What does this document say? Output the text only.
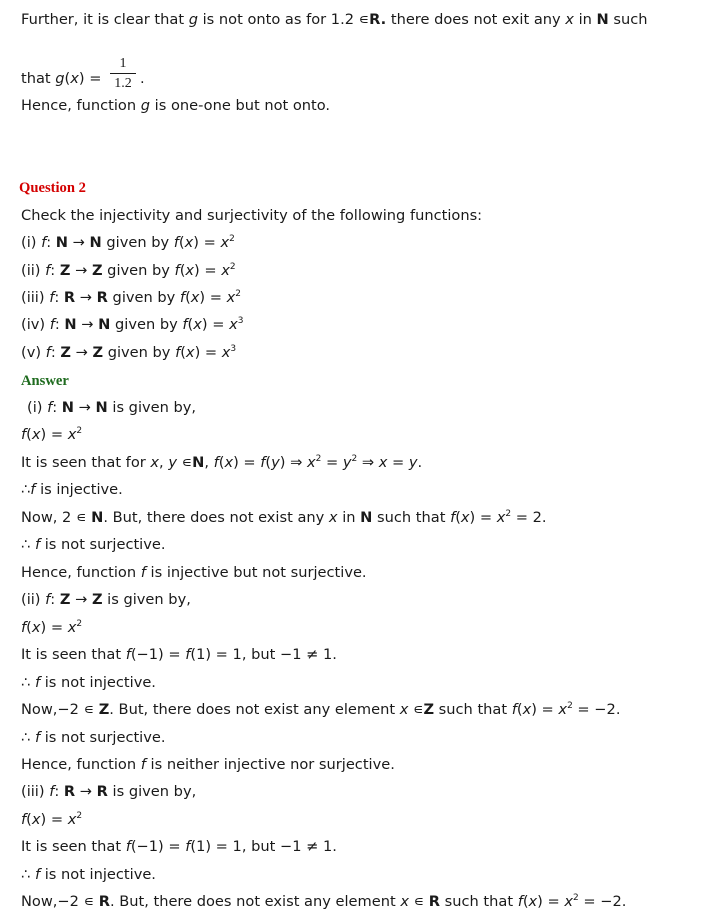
Further, it is clear that g is not onto as for 1.2 ∊R. there does not exit any x in N such
that g(x) =
1
1.2 .
Hence, function g is one-one but not onto.
Question 2
Check the injectivity and surjectivity of the following functions:
(i) f: N → N given by $f(x) = x^2$
(ii) f: Z → Z given by $f(x) = x^2$
(iii) f: R → R given by $f(x) = x^2$
(iv) f: N → N given by $f(x) = x^3$
(v) f: Z → Z given by $f(x) = x^3$
Answer
(i) f: N → N is given by,
$f(x) = x^2$
It is seen that for x, y ∊N, f(x) = f(y) ⇒ $x^2 = y^2$ ⇒ x = y.
∴f is injective.
Now, 2 ∊ N. But, there does not exist any x in N such that $f(x) = x^2 = 2$.
∴ f is not surjective.
Hence, function f is injective but not surjective.
(ii) f: Z → Z is given by,
$f(x) = x^2$
It is seen that f(−1) = f(1) = 1, but −1 ≠ 1.
∴ f is not injective.
Now,−2 ∊ Z. But, there does not exist any element x ∊Z such that $f(x) = x^2 = -2$.
∴ f is not surjective.
Hence, function f is neither injective nor surjective.
(iii) f: R → R is given by,
$f(x) = x^2$
It is seen that f(−1) = f(1) = 1, but −1 ≠ 1.
∴ f is not injective.
Now,−2 ∊ R. But, there does not exist any element x ∊ R such that $f(x) = x^2 = -2$.
